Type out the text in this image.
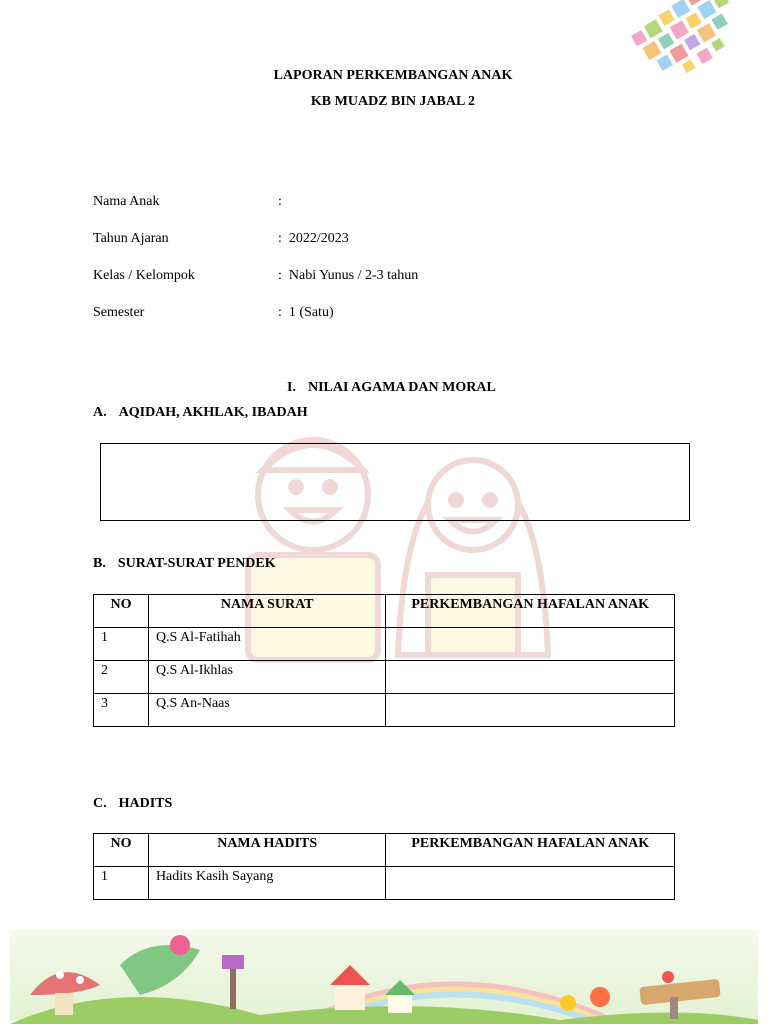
LAPORAN PERKEMBANGAN ANAK
KB MUADZ BIN JABAL 2
Nama Anak	:
Tahun Ajaran	:  2022/2023
Kelas / Kelompok	:  Nabi Yunus / 2-3 tahun
Semester	:  1 (Satu)
I. NILAI AGAMA DAN MORAL
A. AQIDAH, AKHLAK, IBADAH
B. SURAT-SURAT PENDEK
NO	NAMA SURAT	PERKEMBANGAN HAFALAN ANAK
1	Q.S Al-Fatihah	
2	Q.S Al-Ikhlas	
3	Q.S An-Naas	
C. HADITS
NO	NAMA HADITS	PERKEMBANGAN HAFALAN ANAK
1	Hadits Kasih Sayang	
